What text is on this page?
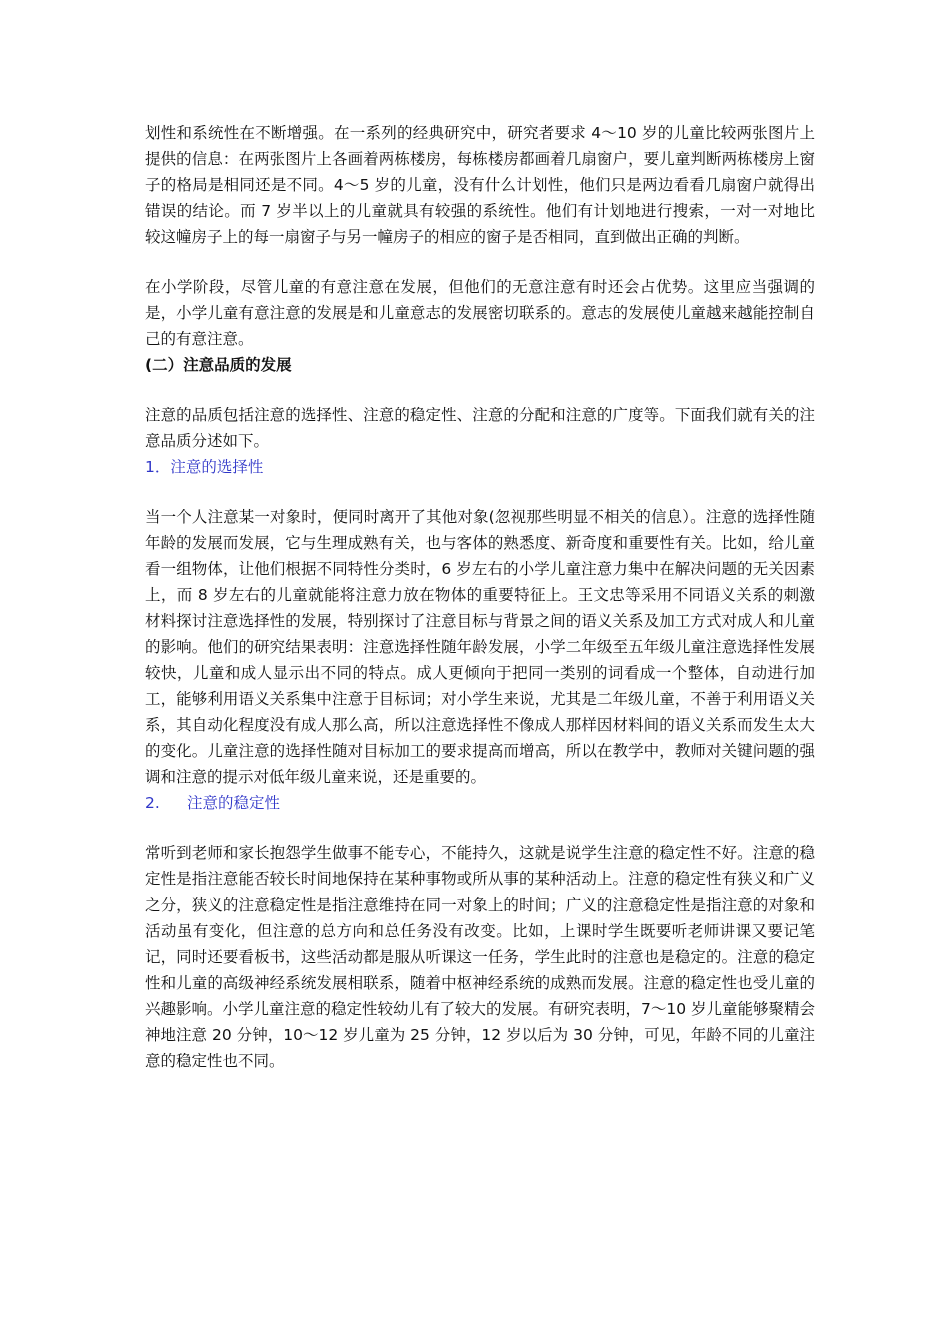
划性和系统性在不断增强。在一系列的经典研究中，研究者要求 4～10 岁的儿童比较两张图片上提供的信息：在两张图片上各画着两栋楼房，每栋楼房都画着几扇窗户，要儿童判断两栋楼房上窗子的格局是相同还是不同。4～5 岁的儿童，没有什么计划性，他们只是两边看看几扇窗户就得出错误的结论。而 7 岁半以上的儿童就具有较强的系统性。他们有计划地进行搜索，一对一对地比较这幢房子上的每一扇窗子与另一幢房子的相应的窗子是否相同，直到做出正确的判断。

在小学阶段，尽管儿童的有意注意在发展，但他们的无意注意有时还会占优势。这里应当强调的是，小学儿童有意注意的发展是和儿童意志的发展密切联系的。意志的发展使儿童越来越能控制自己的有意注意。

(二）注意品质的发展

注意的品质包括注意的选择性、注意的稳定性、注意的分配和注意的广度等。下面我们就有关的注意品质分述如下。

1．注意的选择性

当一个人注意某一对象时，便同时离开了其他对象(忽视那些明显不相关的信息）。注意的选择性随年龄的发展而发展，它与生理成熟有关，也与客体的熟悉度、新奇度和重要性有关。比如，给儿童看一组物体，让他们根据不同特性分类时，6 岁左右的小学儿童注意力集中在解决问题的无关因素上，而 8 岁左右的儿童就能将注意力放在物体的重要特征上。王文忠等采用不同语义关系的刺激材料探讨注意选择性的发展，特别探讨了注意目标与背景之间的语义关系及加工方式对成人和儿童的影响。他们的研究结果表明：注意选择性随年龄发展，小学二年级至五年级儿童注意选择性发展较快，儿童和成人显示出不同的特点。成人更倾向于把同一类别的词看成一个整体，自动进行加工，能够利用语义关系集中注意于目标词；对小学生来说，尤其是二年级儿童，不善于利用语义关系，其自动化程度没有成人那么高，所以注意选择性不像成人那样因材料间的语义关系而发生太大的变化。儿童注意的选择性随对目标加工的要求提高而增高，所以在教学中，教师对关键问题的强调和注意的提示对低年级儿童来说，还是重要的。

2. 注意的稳定性

常听到老师和家长抱怨学生做事不能专心，不能持久，这就是说学生注意的稳定性不好。注意的稳定性是指注意能否较长时间地保持在某种事物或所从事的某种活动上。注意的稳定性有狭义和广义之分，狭义的注意稳定性是指注意维持在同一对象上的时间；广义的注意稳定性是指注意的对象和活动虽有变化，但注意的总方向和总任务没有改变。比如，上课时学生既要听老师讲课又要记笔记，同时还要看板书，这些活动都是服从听课这一任务，学生此时的注意也是稳定的。注意的稳定性和儿童的高级神经系统发展相联系，随着中枢神经系统的成熟而发展。注意的稳定性也受儿童的兴趣影响。小学儿童注意的稳定性较幼儿有了较大的发展。有研究表明，7～10 岁儿童能够聚精会神地注意 20 分钟，10～12 岁儿童为 25 分钟，12 岁以后为 30 分钟，可见，年龄不同的儿童注意的稳定性也不同。
